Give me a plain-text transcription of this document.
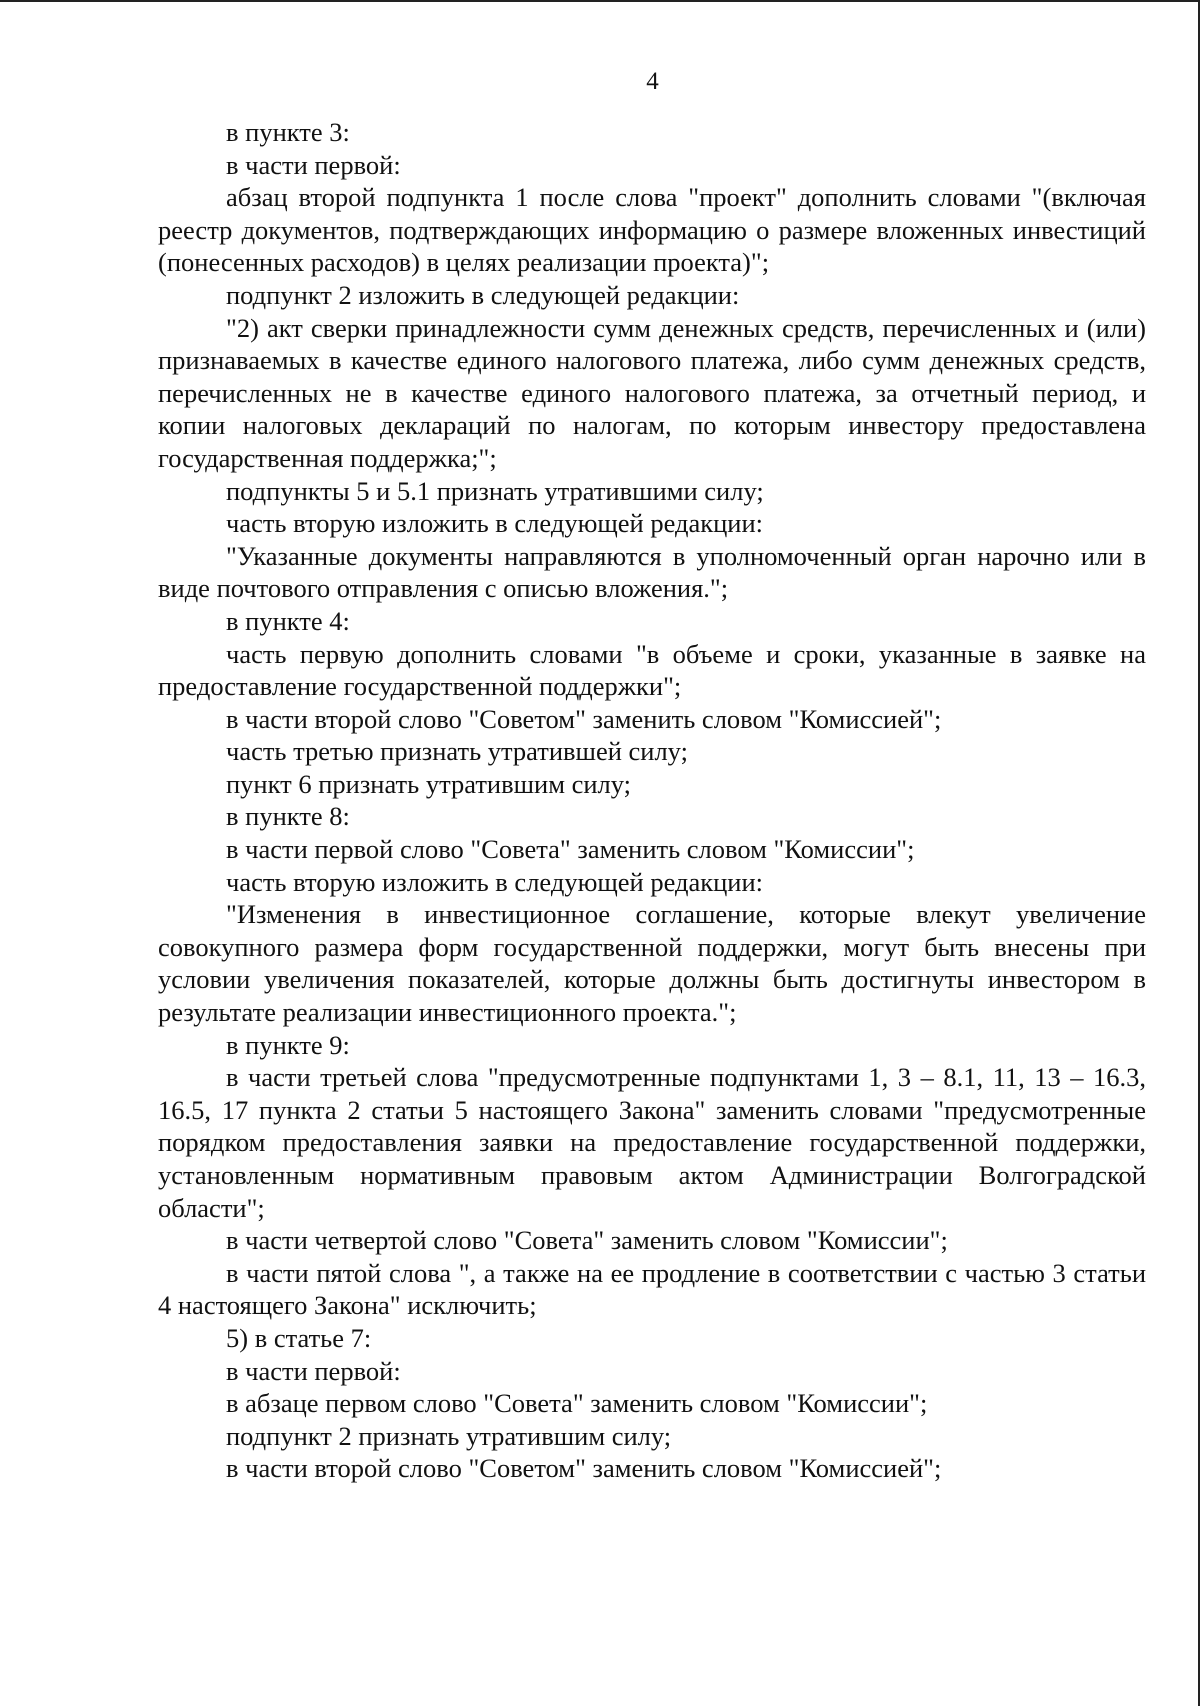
4

в пункте 3:

в части первой:

абзац второй подпункта 1 после слова "проект" дополнить словами "(включая реестр документов, подтверждающих информацию о размере вложенных инвестиций (понесенных расходов) в целях реализации проекта)";

подпункт 2 изложить в следующей редакции:

"2) акт сверки принадлежности сумм денежных средств, перечисленных и (или) признаваемых в качестве единого налогового платежа, либо сумм денежных средств, перечисленных не в качестве единого налогового платежа, за отчетный период, и копии налоговых деклараций по налогам, по которым инвестору предоставлена государственная поддержка;";

подпункты 5 и 5.1 признать утратившими силу;

часть вторую изложить в следующей редакции:

"Указанные документы направляются в уполномоченный орган нарочно или в виде почтового отправления с описью вложения.";

в пункте 4:

часть первую дополнить словами "в объеме и сроки, указанные в заявке на предоставление государственной поддержки";

в части второй слово "Советом" заменить словом "Комиссией";

часть третью признать утратившей силу;

пункт 6 признать утратившим силу;

в пункте 8:

в части первой слово "Совета" заменить словом "Комиссии";

часть вторую изложить в следующей редакции:

"Изменения в инвестиционное соглашение, которые влекут увеличение совокупного размера форм государственной поддержки, могут быть внесены при условии увеличения показателей, которые должны быть достигнуты инвестором в результате реализации инвестиционного проекта.";

в пункте 9:

в части третьей слова "предусмотренные подпунктами 1, 3 – 8.1, 11, 13 – 16.3, 16.5, 17 пункта 2 статьи 5 настоящего Закона" заменить словами "предусмотренные порядком предоставления заявки на предоставление государственной поддержки, установленным нормативным правовым актом Администрации Волгоградской области";

в части четвертой слово "Совета" заменить словом "Комиссии";

в части пятой слова ", а также на ее продление в соответствии с частью 3 статьи 4 настоящего Закона" исключить;

5) в статье 7:

в части первой:

в абзаце первом слово "Совета" заменить словом "Комиссии";

подпункт 2 признать утратившим силу;

в части второй слово "Советом" заменить словом "Комиссией";
